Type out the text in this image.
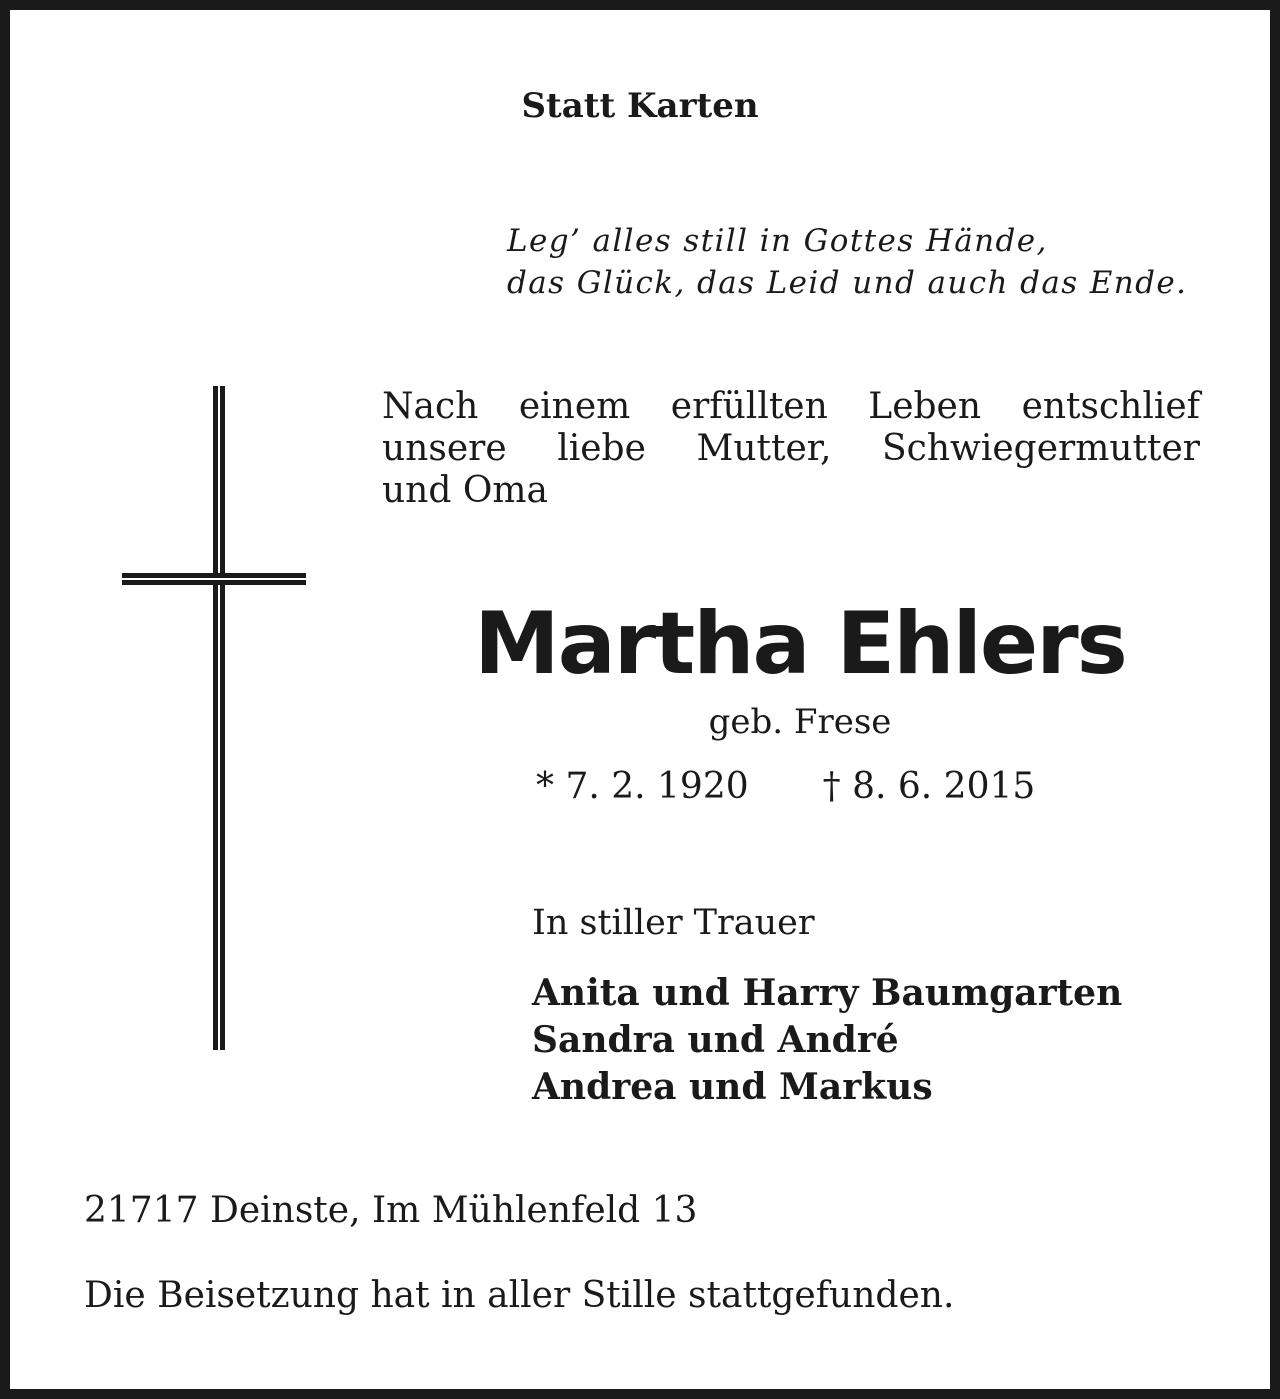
Statt Karten

Leg’ alles still in Gottes Hände,
das Glück, das Leid und auch das Ende.
Nach einem erfüllten Leben entschlief
unsere liebe Mutter, Schwiegermutter
und Oma

Martha Ehlers

geb. Frese

* 7. 2. 1920 † 8. 6. 2015

In stiller Trauer

Anita und Harry Baumgarten
Sandra und André
Andrea und Markus

21717 Deinste, Im Mühlenfeld 13

Die Beisetzung hat in aller Stille stattgefunden.
